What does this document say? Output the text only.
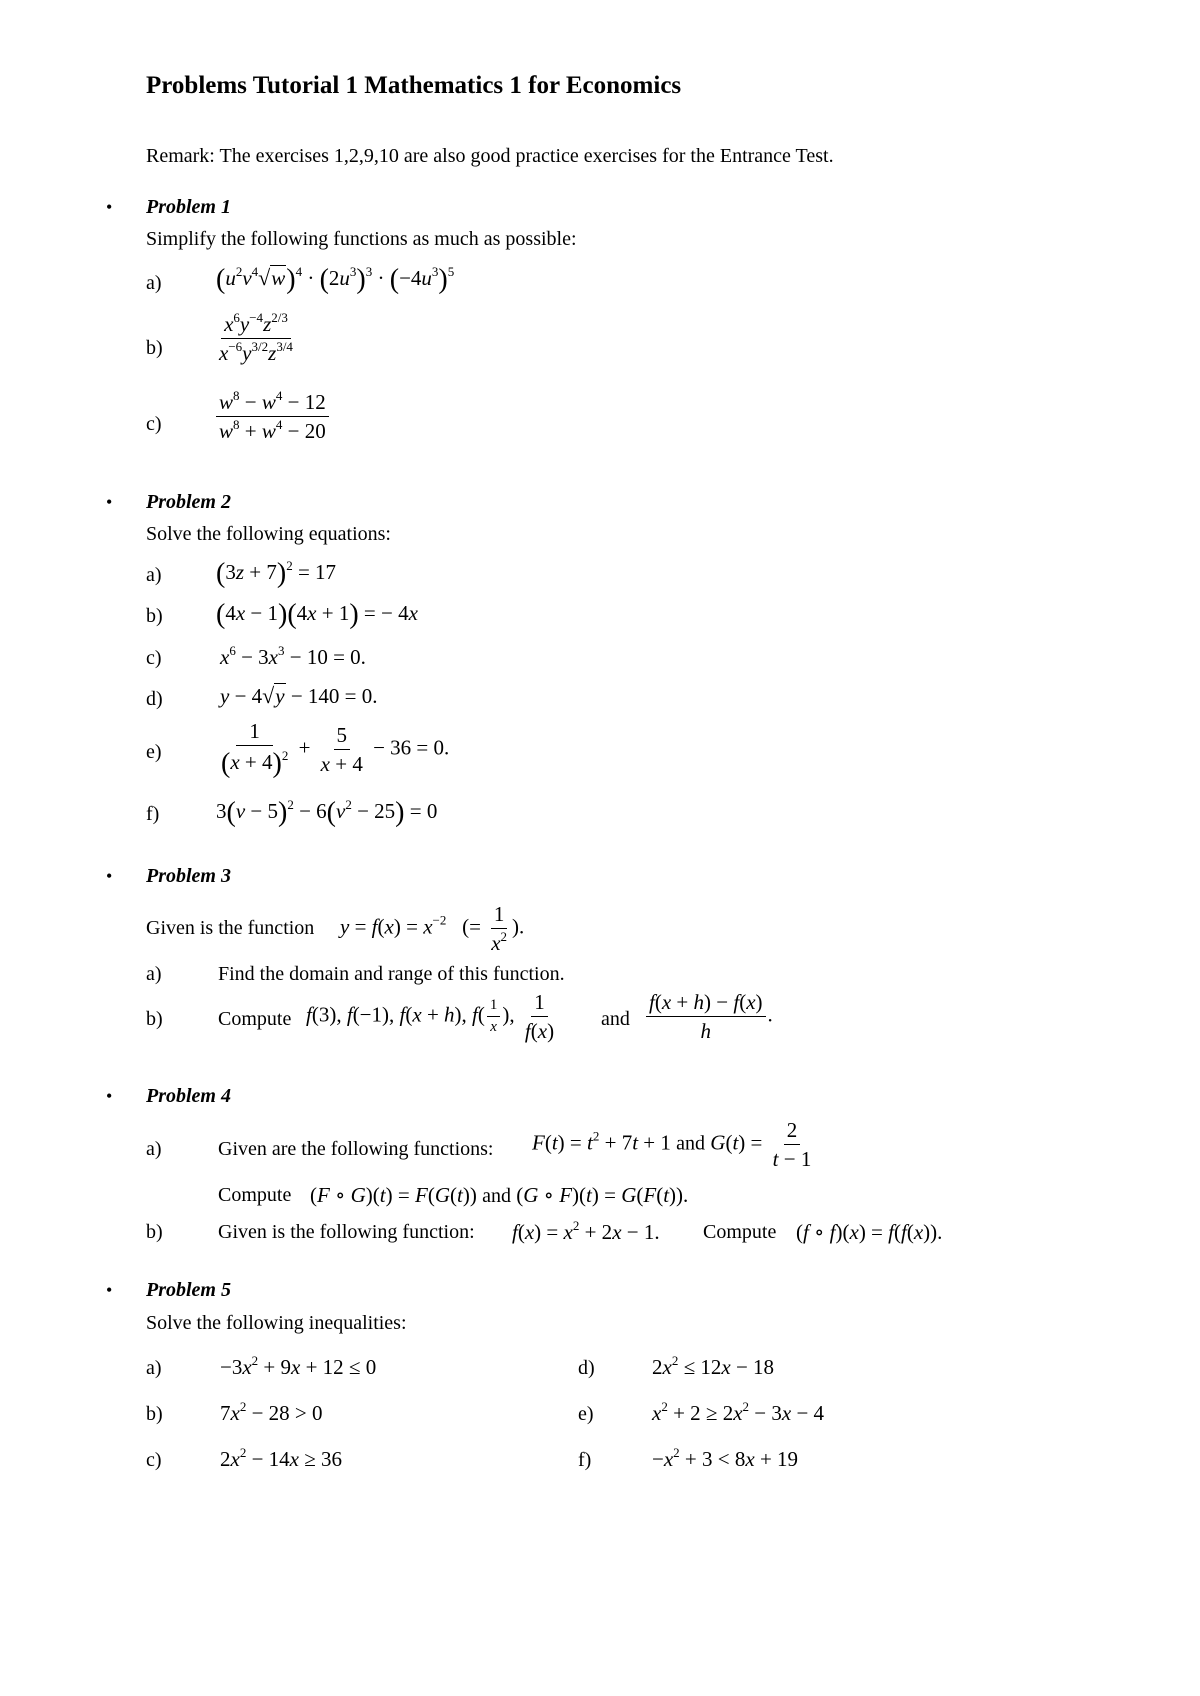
Problems Tutorial 1 Mathematics 1 for Economics
Remark: The exercises 1,2,9,10 are also good practice exercises for the Entrance Test.
• Problem 1
Simplify the following functions as much as possible:
a) $(u^2v^4√w)^4 \cdot (2u^3)^3 \cdot (-4u^3)^5$
b)	$\frac{x^6y^{-4}z^{2/3}}{x^{-6}y^{3/2}z^{3/4}}$
c)	$\frac{w^8 - w^4 - 12}{w^8 + w^4 - 20}$
• Problem 2
Solve the following equations:
a) $(3z + 7)^2 = 17$
b) (4x − 1)(4x + 1) = − 4x
c)	$x^6 - 3x^3 - 10 = 0$.
d)	y − 4√y − 140 = 0.
e)	$\frac{1}{(x + 4)^2} + \frac{5}{x + 4} - 36 = 0$.
f)	$3(v - 5)^2 - 6(v^2 - 25) = 0$
• Problem 3
Given is the function $y = f(x) = x^{-2}$   (= $\frac{1}{x^2}$ ).
a)	Find the domain and range of this function.
b)	Compute f(3), f(−1), f(x + h), $f( \frac{1}{x}$ ), $\frac{1}{f(x)}$ and $\frac{f(x + h) - f(x)}{h}$ .
• Problem 4
a)	Given are the following functions: $F(t) = t^2 + 7t + 1$ and $G(t) = \frac{2}{t - 1}$
Compute (F ∘ G)(t) = F(G(t)) and (G ∘ F)(t) = G(F(t)).
b)	Given is the following function: $f(x) = x^2 + 2x - 1$. Compute (f ∘ f)(x) = f(f(x)).
• Problem 5
Solve the following inequalities:
a)	$-3x^2 + 9x + 12 \le 0$	d)	$2x^2 \le 12x - 18$
b)	$7x^2 - 28 > 0$	e)	$x^2 + 2 \ge 2x^2 - 3x - 4$
c)	$2x^2 - 14x \ge 36$	f)	$-x^2 + 3 < 8x + 19$
